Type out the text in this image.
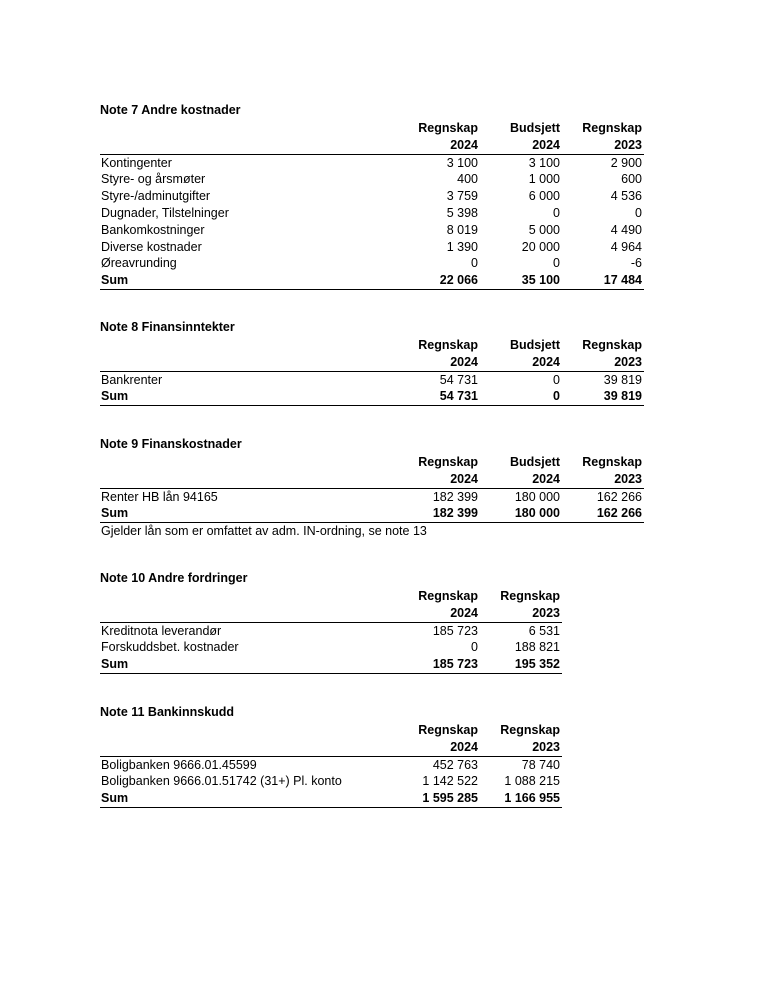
Note 7 Andre kostnader
Regnskap	Budsjett	Regnskap
2024	2024	2023
Kontingenter	3 100	3 100	2 900
Styre- og årsmøter	400	1 000	600
Styre-/adminutgifter	3 759	6 000	4 536
Dugnader, Tilstelninger	5 398	0	0
Bankomkostninger	8 019	5 000	4 490
Diverse kostnader	1 390	20 000	4 964
Øreavrunding	0	0	-6
Sum	22 066	35 100	17 484
Note 8 Finansinntekter
Regnskap	Budsjett	Regnskap
2024	2024	2023
Bankrenter	54 731	0	39 819
Sum	54 731	0	39 819
Note 9 Finanskostnader
Regnskap	Budsjett	Regnskap
2024	2024	2023
Renter HB lån 94165	182 399	180 000	162 266
Sum	182 399	180 000	162 266
Gjelder lån som er omfattet av adm. IN-ordning, se note 13
Note 10 Andre fordringer
Regnskap	Regnskap
2024	2023
Kreditnota leverandør	185 723	6 531
Forskuddsbet. kostnader	0	188 821
Sum	185 723	195 352
Note 11 Bankinnskudd
Regnskap	Regnskap
2024	2023
Boligbanken 9666.01.45599	452 763	78 740
Boligbanken 9666.01.51742 (31+) Pl. konto	1 142 522	1 088 215
Sum	1 595 285	1 166 955
